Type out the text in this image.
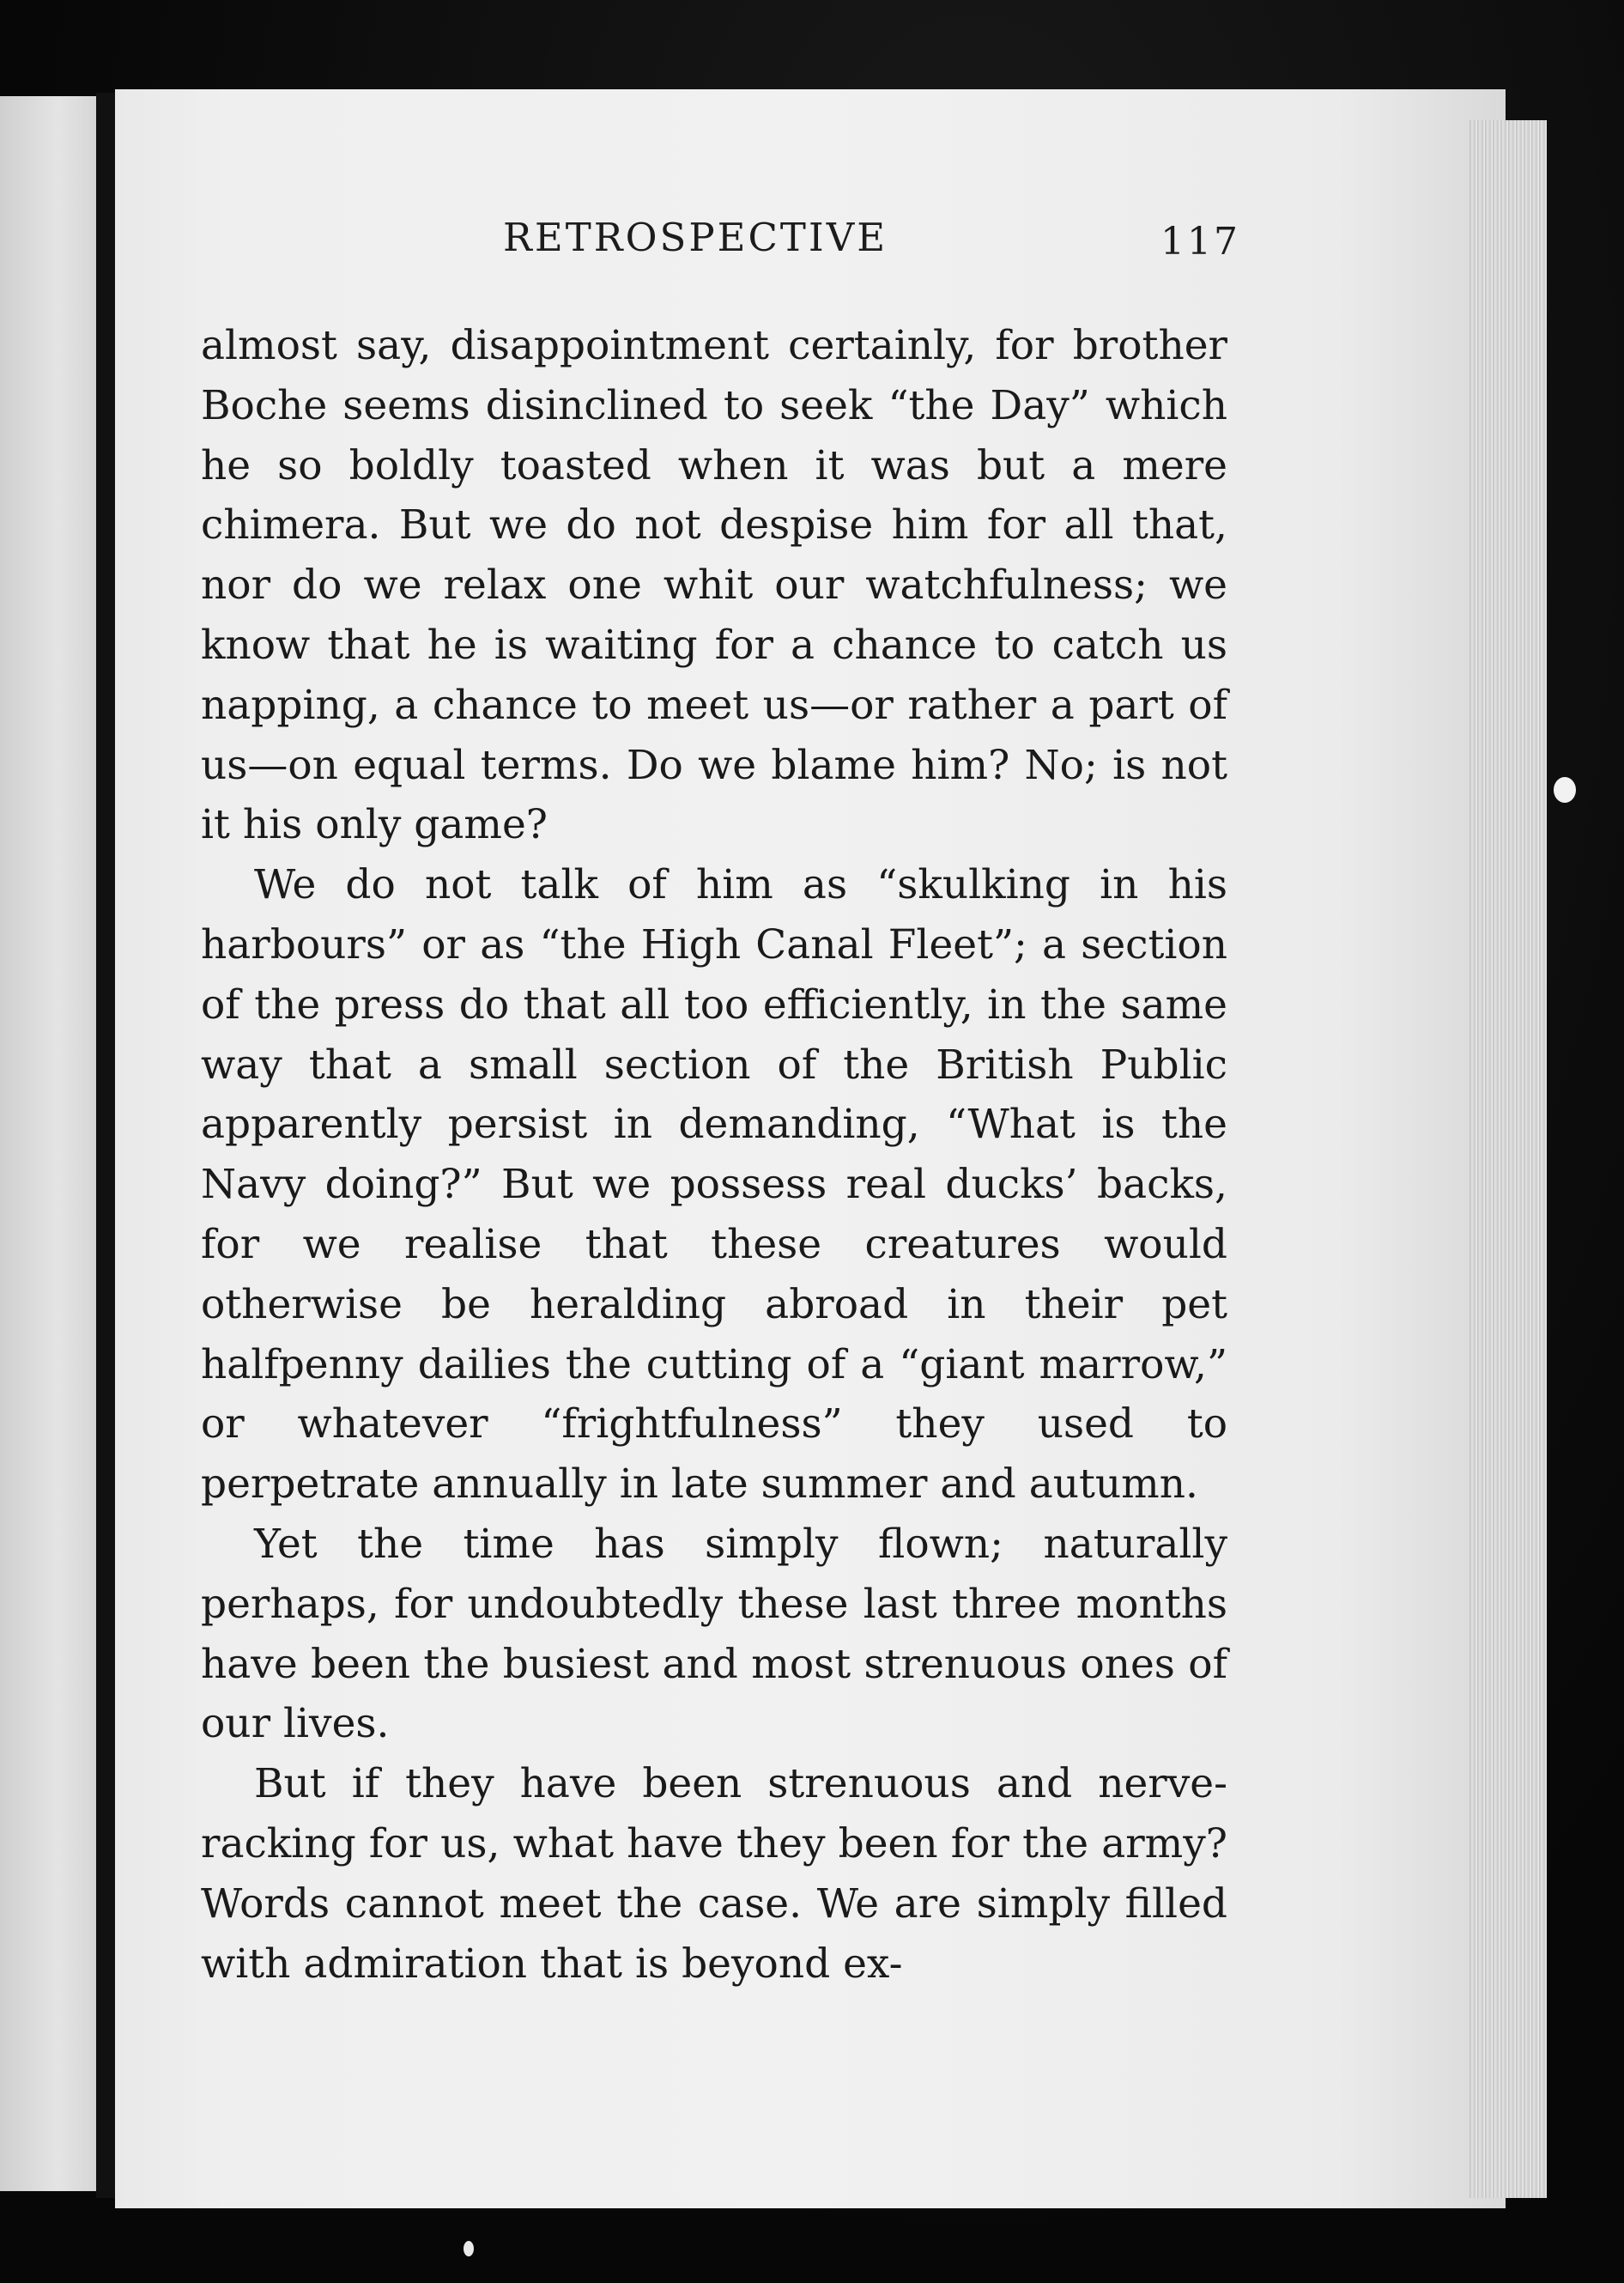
RETROSPECTIVE	117

almost say, disappointment certainly, for brother Boche seems disinclined to seek “the Day” which he so boldly toasted when it was but a mere chimera. But we do not despise him for all that, nor do we relax one whit our watchfulness; we know that he is waiting for a chance to catch us napping, a chance to meet us—or rather a part of us—on equal terms. Do we blame him? No; is not it his only game?

We do not talk of him as “skulking in his harbours” or as “the High Canal Fleet”; a section of the press do that all too efficiently, in the same way that a small section of the British Public apparently persist in demanding, “What is the Navy doing?” But we possess real ducks’ backs, for we realise that these creatures would otherwise be heralding abroad in their pet halfpenny dailies the cutting of a “giant marrow,” or whatever “frightfulness” they used to perpetrate annually in late summer and autumn.

Yet the time has simply flown; naturally perhaps, for undoubtedly these last three months have been the busiest and most strenuous ones of our lives.

But if they have been strenuous and nerve-racking for us, what have they been for the army? Words cannot meet the case. We are simply filled with admiration that is beyond ex-
